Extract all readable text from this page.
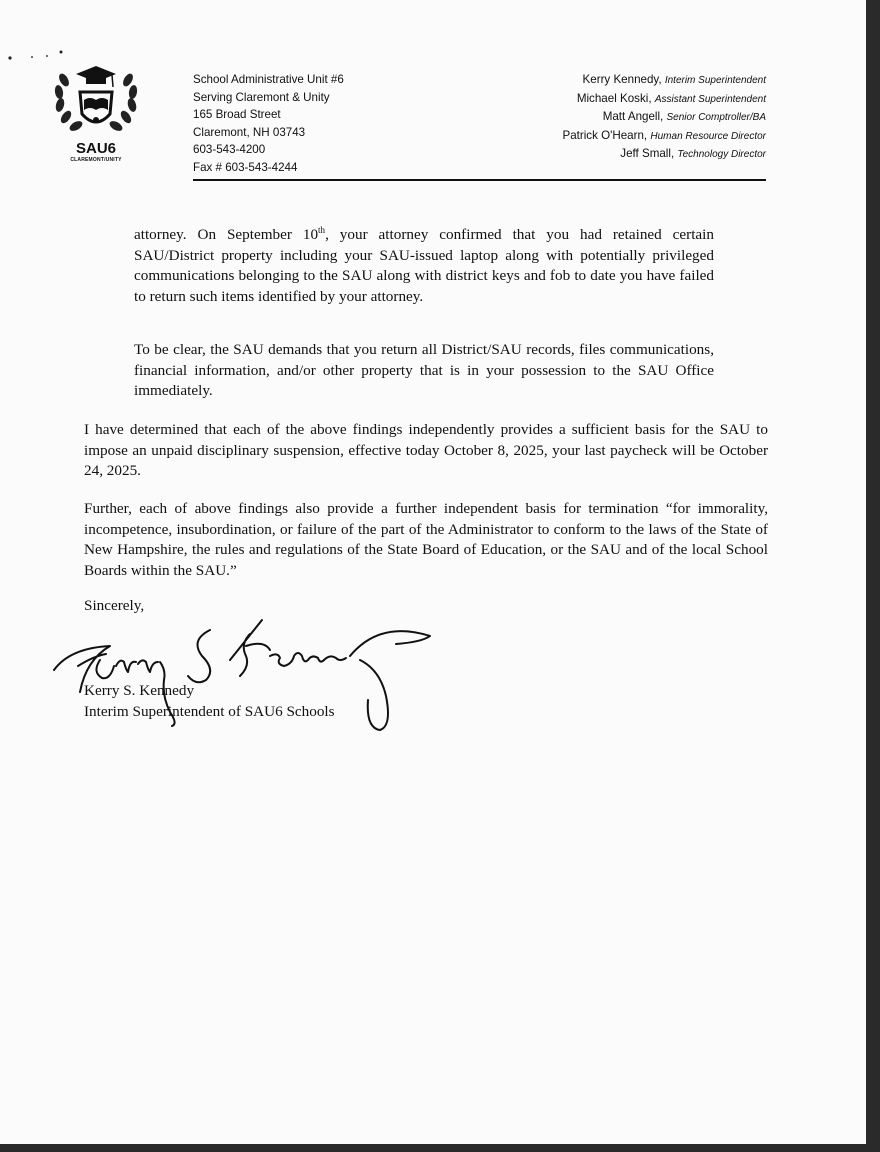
SAU6
CLAREMONT/UNITY
School Administrative Unit #6
Serving Claremont & Unity
165 Broad Street
Claremont, NH 03743
603-543-4200
Fax # 603-543-4244
Kerry Kennedy, Interim Superintendent
Michael Koski, Assistant Superintendent
Matt Angell, Senior Comptroller/BA
Patrick O'Hearn, Human Resource Director
Jeff Small, Technology Director

attorney. On September 10th, your attorney confirmed that you had retained certain SAU/District property including your SAU-issued laptop along with potentially privileged communications belonging to the SAU along with district keys and fob to date you have failed to return such items identified by your attorney.

To be clear, the SAU demands that you return all District/SAU records, files communications, financial information, and/or other property that is in your possession to the SAU Office immediately.

I have determined that each of the above findings independently provides a sufficient basis for the SAU to impose an unpaid disciplinary suspension, effective today October 8, 2025, your last paycheck will be October 24, 2025.

Further, each of above findings also provide a further independent basis for termination “for immorality, incompetence, insubordination, or failure of the part of the Administrator to conform to the laws of the State of New Hampshire, the rules and regulations of the State Board of Education, or the SAU and of the local School Boards within the SAU.”

Sincerely,

Kerry S. Kennedy
Interim Superintendent of SAU6 Schools
